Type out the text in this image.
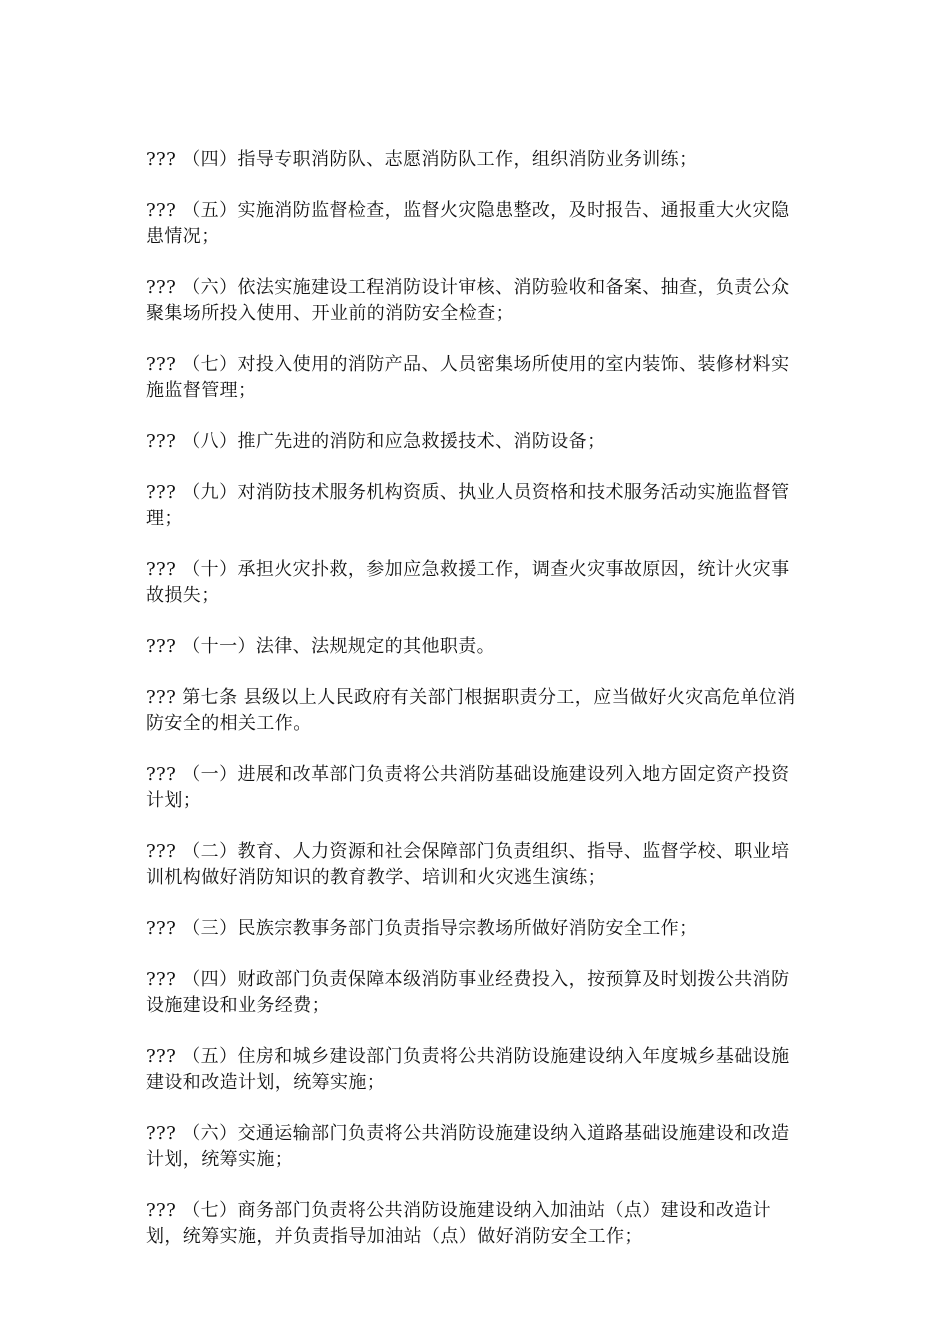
??? （四）指导专职消防队、志愿消防队工作，组织消防业务训练；

??? （五）实施消防监督检查，监督火灾隐患整改，及时报告、通报重大火灾隐患情况；

??? （六）依法实施建设工程消防设计审核、消防验收和备案、抽查，负责公众聚集场所投入使用、开业前的消防安全检查；

??? （七）对投入使用的消防产品、人员密集场所使用的室内装饰、装修材料实施监督管理；

??? （八）推广先进的消防和应急救援技术、消防设备；

??? （九）对消防技术服务机构资质、执业人员资格和技术服务活动实施监督管理；

??? （十）承担火灾扑救，参加应急救援工作，调查火灾事故原因，统计火灾事故损失；

??? （十一）法律、法规规定的其他职责。

??? 第七条 县级以上人民政府有关部门根据职责分工，应当做好火灾高危单位消防安全的相关工作。

??? （一）进展和改革部门负责将公共消防基础设施建设列入地方固定资产投资计划；

??? （二）教育、人力资源和社会保障部门负责组织、指导、监督学校、职业培训机构做好消防知识的教育教学、培训和火灾逃生演练；

??? （三）民族宗教事务部门负责指导宗教场所做好消防安全工作；

??? （四）财政部门负责保障本级消防事业经费投入，按预算及时划拨公共消防设施建设和业务经费；

??? （五）住房和城乡建设部门负责将公共消防设施建设纳入年度城乡基础设施建设和改造计划，统筹实施；

??? （六）交通运输部门负责将公共消防设施建设纳入道路基础设施建设和改造计划，统筹实施；

??? （七）商务部门负责将公共消防设施建设纳入加油站（点）建设和改造计划，统筹实施，并负责指导加油站（点）做好消防安全工作；
